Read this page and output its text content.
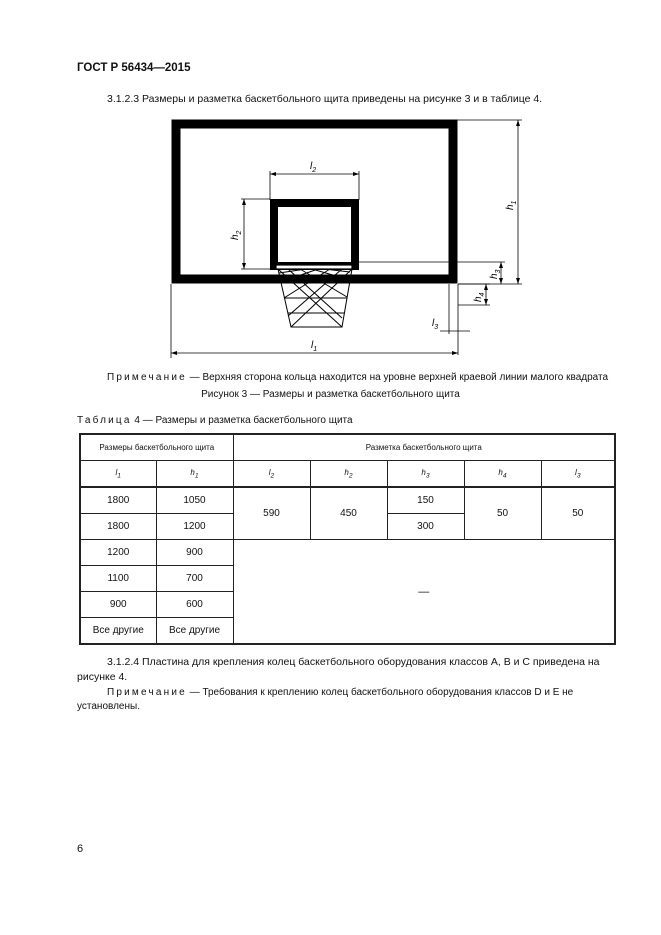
ГОСТ Р 56434—2015
3.1.2.3 Размеры и разметка баскетбольного щита приведены на рисунке 3 и в таблице 4.
$l_2$
$h_2$
$h_1$
$h_3$
$h_4$
$l_3$
$l_1$
Примечание — Верхняя сторона кольца находится на уровне верхней краевой линии малого квадрата
Рисунок 3 — Размеры и разметка баскетбольного щита
Таблица 4 — Размеры и разметка баскетбольного щита
Размеры баскетбольного щита		Разметка баскетбольного щита				
$l_1$	$h_1$	$l_2$	$h_2$	$h_3$	$h_4$	$l_3$
1800	1050	590	450	150	50	50
1800	1200			300		
1200	900	—				
1100	700					
900	600					
Все другие	Все другие					
3.1.2.4 Пластина для крепления колец баскетбольного оборудования классов A, B и C приведена на рисунке 4.
Примечание — Требования к креплению колец баскетбольного оборудования классов D и E не установлены.
6
